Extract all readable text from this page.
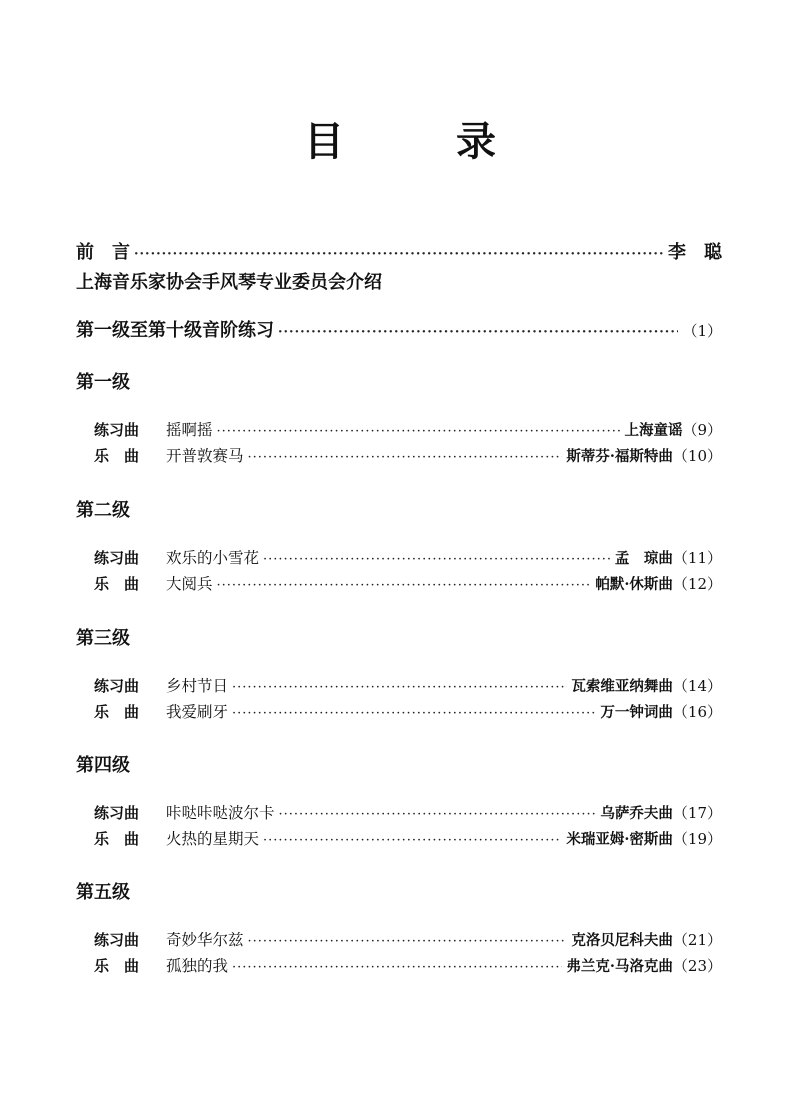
目　录
前　言 ·····	李　聪
上海音乐家协会手风琴专业委员会介绍
第一级至第十级音阶练习 ·····	（1）
第一级
练习曲	摇啊摇 ·····	上海童谣 （9）
乐　曲	开普敦赛马 ·····	斯蒂芬·福斯特曲 （10）
第二级
练习曲	欢乐的小雪花 ·····	孟　琼曲 （11）
乐　曲	大阅兵 ·····	帕默·休斯曲 （12）
第三级
练习曲	乡村节日 ·····	瓦索维亚纳舞曲 （14）
乐　曲	我爱刷牙 ·····	万一钟词曲 （16）
第四级
练习曲	咔哒咔哒波尔卡 ·····	乌萨乔夫曲 （17）
乐　曲	火热的星期天 ·····	米瑞亚姆·密斯曲 （19）
第五级
练习曲	奇妙华尔兹 ·····	克洛贝尼科夫曲 （21）
乐　曲	孤独的我 ·····	弗兰克·马洛克曲 （23）
